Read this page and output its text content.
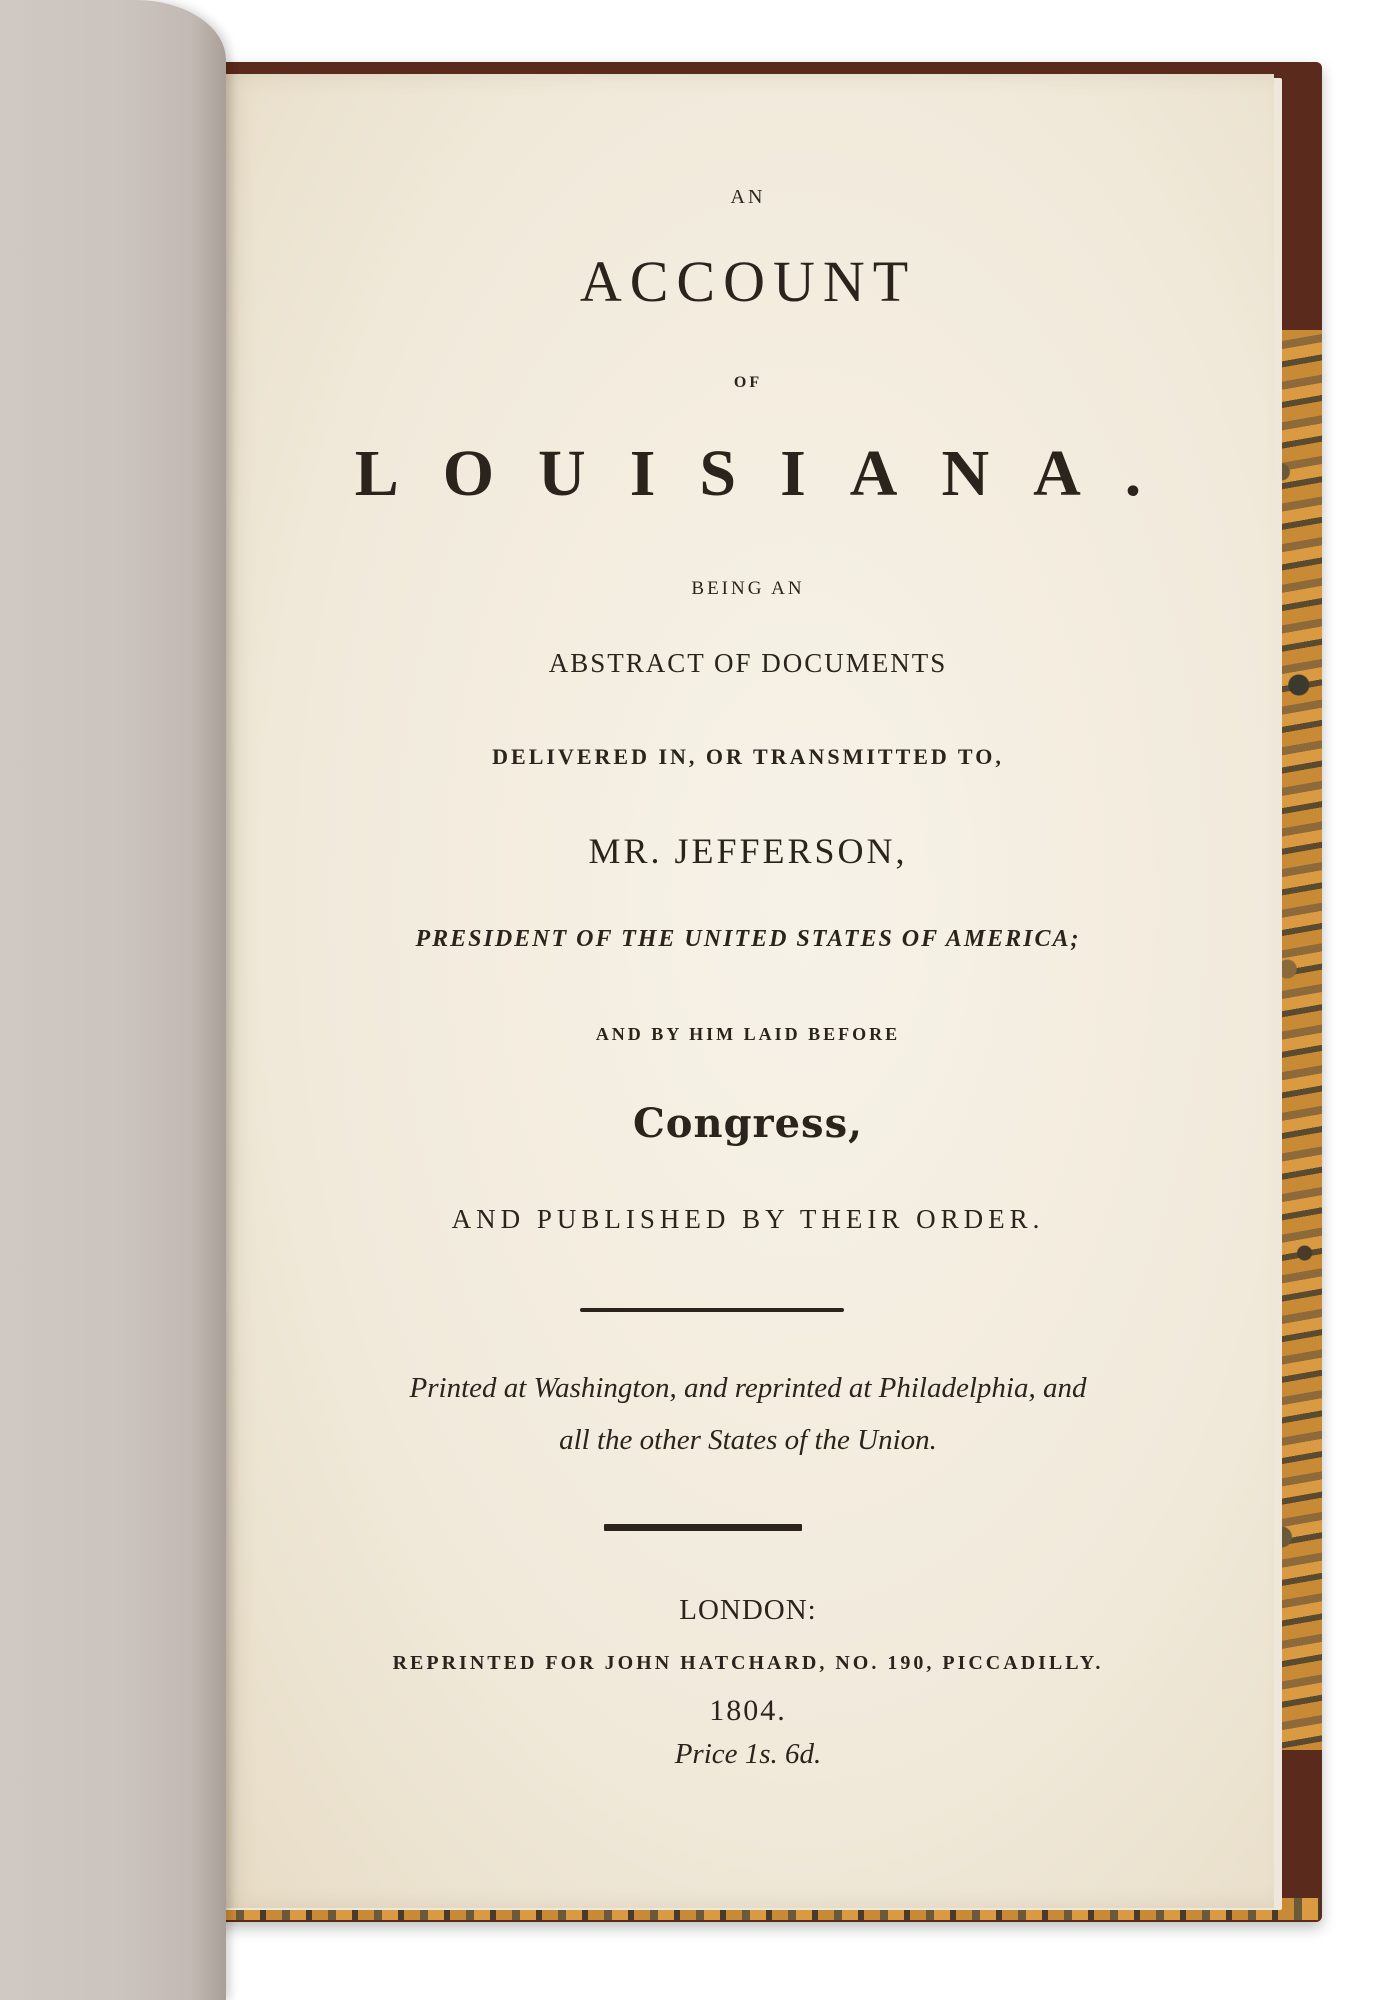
AN

ACCOUNT

OF

LOUISIANA.

BEING AN

ABSTRACT OF DOCUMENTS

DELIVERED IN, OR TRANSMITTED TO,

MR. JEFFERSON,

PRESIDENT OF THE UNITED STATES OF AMERICA;

AND BY HIM LAID BEFORE

Congress,

AND PUBLISHED BY THEIR ORDER.

Printed at Washington, and reprinted at Philadelphia, and

all the other States of the Union.

LONDON:

REPRINTED FOR JOHN HATCHARD, NO. 190, PICCADILLY.

1804.

Price 1s. 6d.
